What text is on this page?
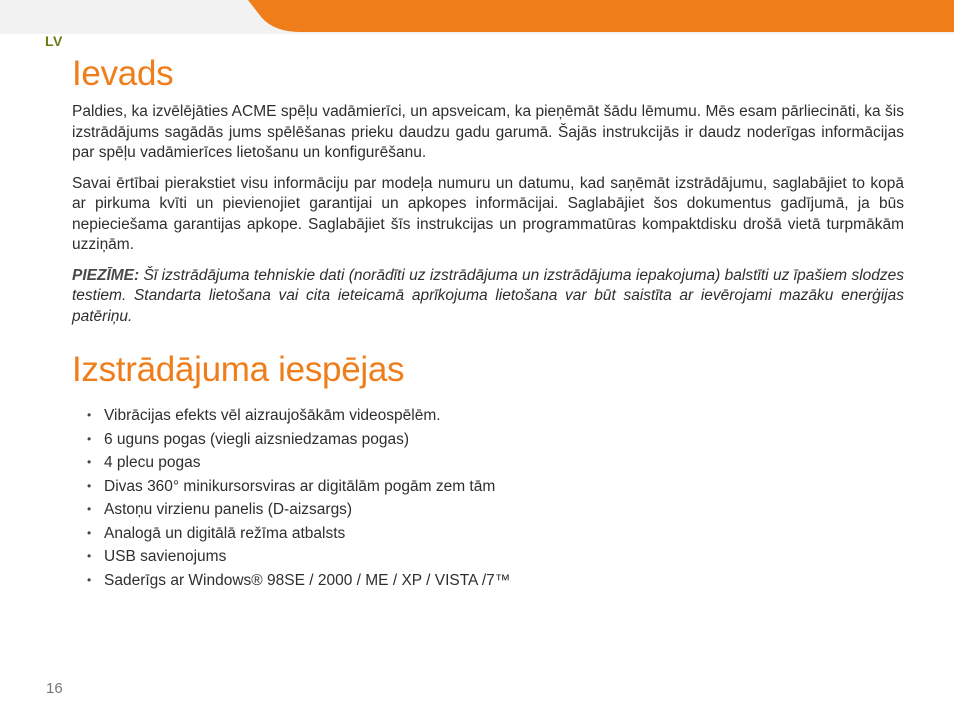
LV
Ievads

Paldies, ka izvēlējāties ACME spēļu vadāmierīci, un apsveicam, ka pieņēmāt šādu lēmumu. Mēs esam pārliecināti, ka šis izstrādājums sagādās jums spēlēšanas prieku daudzu gadu garumā. Šajās instrukcijās ir daudz noderīgas informācijas par spēļu vadāmierīces lietošanu un konfigurēšanu.

Savai ērtībai pierakstiet visu informāciju par modeļa numuru un datumu, kad saņēmāt izstrādājumu, saglabājiet to kopā ar pirkuma kvīti un pievienojiet garantijai un apkopes informācijai. Saglabājiet šos dokumentus gadījumā, ja būs nepieciešama garantijas apkope. Saglabājiet šīs instrukcijas un programmatūras kompaktdisku drošā vietā turpmākām uzziņām.

PIEZĪME: Šī izstrādājuma tehniskie dati (norādīti uz izstrādājuma un izstrādājuma iepakojuma) balstīti uz īpašiem slodzes testiem. Standarta lietošana vai cita ieteicamā aprīkojuma lietošana var būt saistīta ar ievērojami mazāku enerģijas patēriņu.

Izstrādājuma iespējas
• Vibrācijas efekts vēl aizraujošākām videospēlēm.
• 6 uguns pogas (viegli aizsniedzamas pogas)
• 4 plecu pogas
• Divas 360° minikursorsviras ar digitālām pogām zem tām
• Astoņu virzienu panelis (D-aizsargs)
• Analogā un digitālā režīma atbalsts
• USB savienojums
• Saderīgs ar Windows® 98SE / 2000 / ME / XP / VISTA /7™
16
